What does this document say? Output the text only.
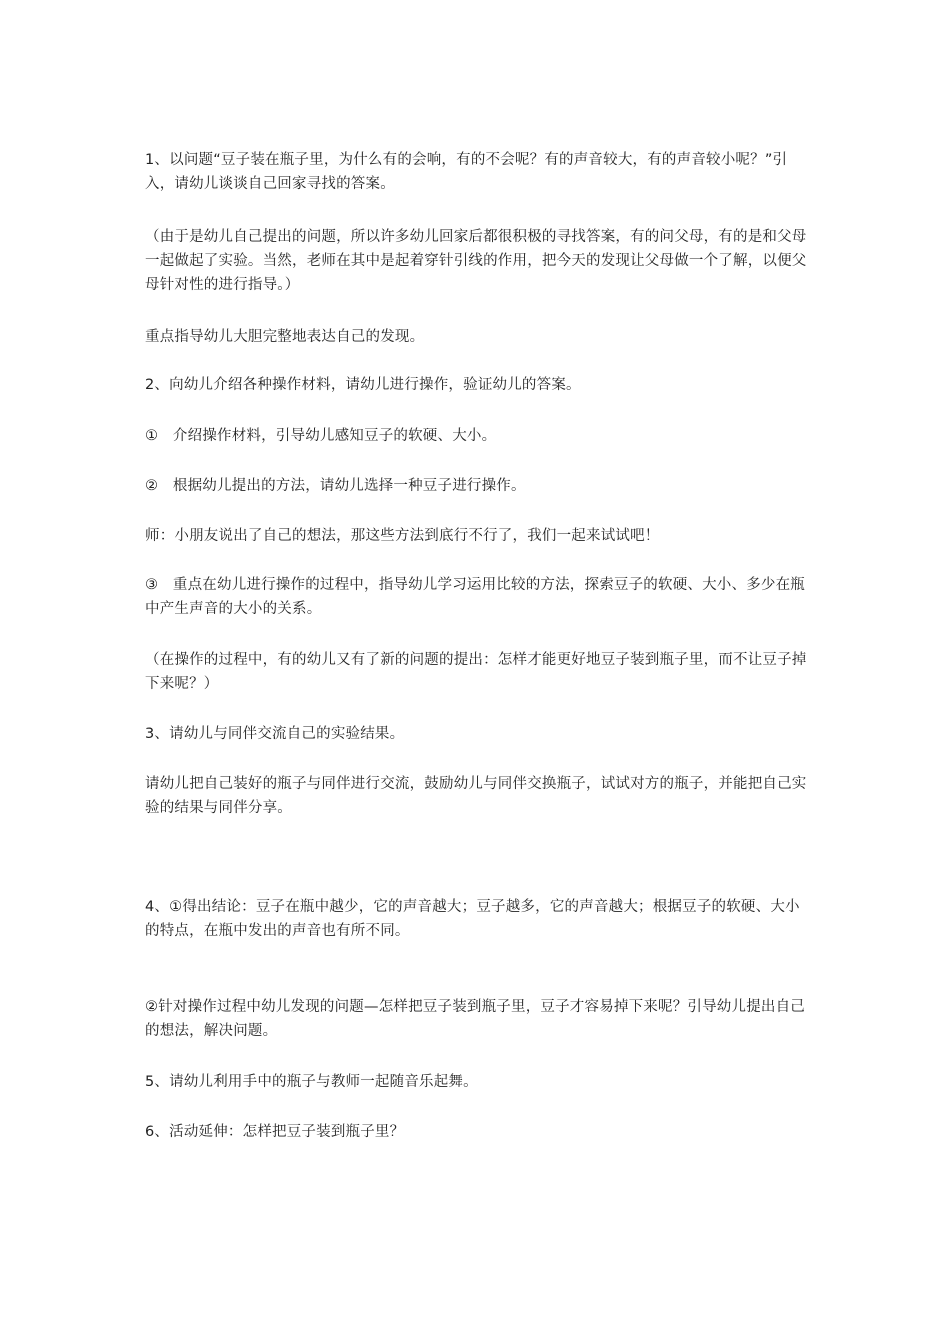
1、以问题“豆子装在瓶子里，为什么有的会响，有的不会呢？有的声音较大，有的声音较小呢？”引入，请幼儿谈谈自己回家寻找的答案。

（由于是幼儿自己提出的问题，所以许多幼儿回家后都很积极的寻找答案，有的问父母，有的是和父母一起做起了实验。当然，老师在其中是起着穿针引线的作用，把今天的发现让父母做一个了解，以便父母针对性的进行指导。）

重点指导幼儿大胆完整地表达自己的发现。

2、向幼儿介绍各种操作材料，请幼儿进行操作，验证幼儿的答案。

①　介绍操作材料，引导幼儿感知豆子的软硬、大小。

②　根据幼儿提出的方法，请幼儿选择一种豆子进行操作。

师：小朋友说出了自己的想法，那这些方法到底行不行了，我们一起来试试吧！

③　重点在幼儿进行操作的过程中，指导幼儿学习运用比较的方法，探索豆子的软硬、大小、多少在瓶中产生声音的大小的关系。

（在操作的过程中，有的幼儿又有了新的问题的提出：怎样才能更好地豆子装到瓶子里，而不让豆子掉下来呢？）

3、请幼儿与同伴交流自己的实验结果。

请幼儿把自己装好的瓶子与同伴进行交流，鼓励幼儿与同伴交换瓶子，试试对方的瓶子，并能把自己实验的结果与同伴分享。

4、①得出结论：豆子在瓶中越少，它的声音越大；豆子越多，它的声音越大；根据豆子的软硬、大小的特点，在瓶中发出的声音也有所不同。

②针对操作过程中幼儿发现的问题—怎样把豆子装到瓶子里，豆子才容易掉下来呢？引导幼儿提出自己的想法，解决问题。

5、请幼儿利用手中的瓶子与教师一起随音乐起舞。

6、活动延伸：怎样把豆子装到瓶子里？
